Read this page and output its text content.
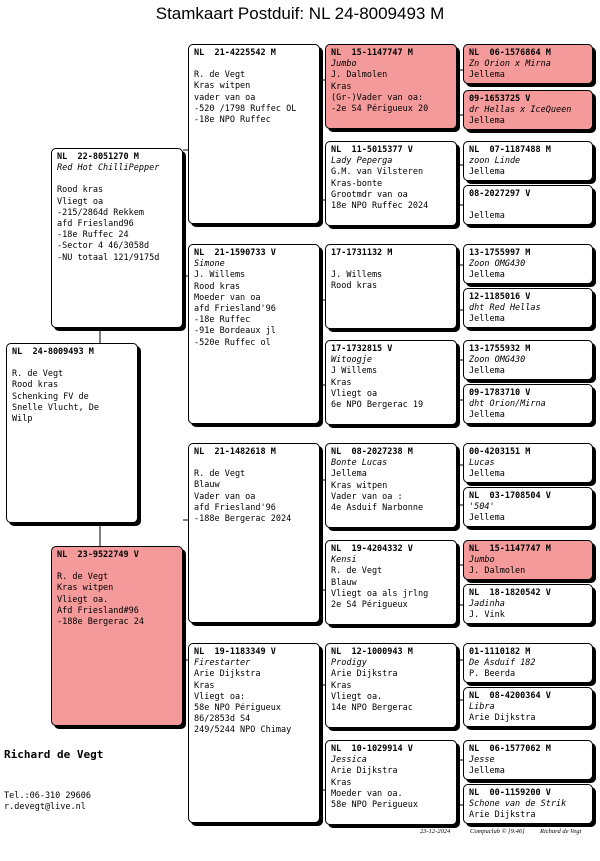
Stamkaart Postduif: NL 24-8009493 M
NL  24-8009493 M
R. de Vegt
Rood kras
Schenking FV de
Snelle Vlucht, De
Wilp
NL  22-8051270 M
Red Hot ChilliPepper
Rood kras
Vliegt oa
-215/2864d Rekkem
afd Friesland96
-18e Ruffec 24
-Sector 4 46/3058d
-NU totaal 121/9175d
NL  23-9522749 V
R. de Vegt
Kras witpen
Vliegt oa.
Afd Friesland#96
-188e Bergerac 24
NL  21-4225542 M
R. de Vegt
Kras witpen
vader van oa
-520 /1798 Ruffec OL
-18e NPO Ruffec
NL  21-1590733 V
Simone
J. Willems
Rood kras
Moeder van oa
afd Friesland'96
-18e Ruffec
-91e Bordeaux jl
-520e Ruffec ol
NL  21-1482618 M
R. de Vegt
Blauw
Vader van oa
afd Friesland'96
-188e Bergerac 2024
NL  19-1183349 V
Firestarter
Arie Dijkstra
Kras
Vliegt oa:
58e NPO Périgueux
86/2853d S4
249/5244 NPO Chimay
NL  15-1147747 M
Jumbo
J. Dalmolen
Kras
(Gr-)Vader van oa:
-2e S4 Périgueux 20
NL  11-5015377 V
Lady Peperga
G.M. van Vilsteren
Kras-bonte
Grootmdr van oa
18e NPO Ruffec 2024
17-1731132 M
J. Willems
Rood kras
17-1732815 V
Witoogje
J Willems
Kras
Vliegt oa
6e NPO Bergerac 19
NL  08-2027238 M
Bonte Lucas
Jellema
Kras witpen
Vader van oa :
4e Asduif Narbonne
NL  19-4204332 V
Kensi
R. de Vegt
Blauw
Vliegt oa als jrlng
2e S4 Périgueux
NL  12-1000943 M
Prodigy
Arie Dijkstra
Kras
Vliegt oa.
14e NPO Bergerac
NL  10-1029914 V
Jessica
Arie Dijkstra
Kras
Moeder van oa.
58e NPO Perigueux
NL  06-1576864 M
Zn Orion x Mirna
Jellema
09-1653725 V
dr Hellas x IceQueen
Jellema
NL  07-1187488 M
zoon Linde
Jellema
08-2027297 V
Jellema
13-1755997 M
Zoon OMG430
Jellema
12-1185016 V
dht Red Hellas
Jellema
13-1755932 M
Zoon OMG430
Jellema
09-1783710 V
dht Orion/Mirna
Jellema
00-4203151 M
Lucas
Jellema
NL  03-1708504 V
'504'
Jellema
NL  15-1147747 M
Jumbo
J. Dalmolen
NL  18-1820542 V
Jadinha
J. Vink
01-1110182 M
De Asduif 182
P. Beerda
NL  08-4200364 V
Libra
Arie Dijkstra
NL  06-1577062 M
Jesse
Jellema
NL  00-1159200 V
Schone van de Strik
Arie Dijkstra
Richard de Vegt
Tel.:06-310 29606
r.devegt@live.nl
23-12-2024	Compuclub © [9.46] Richard de Vegt
